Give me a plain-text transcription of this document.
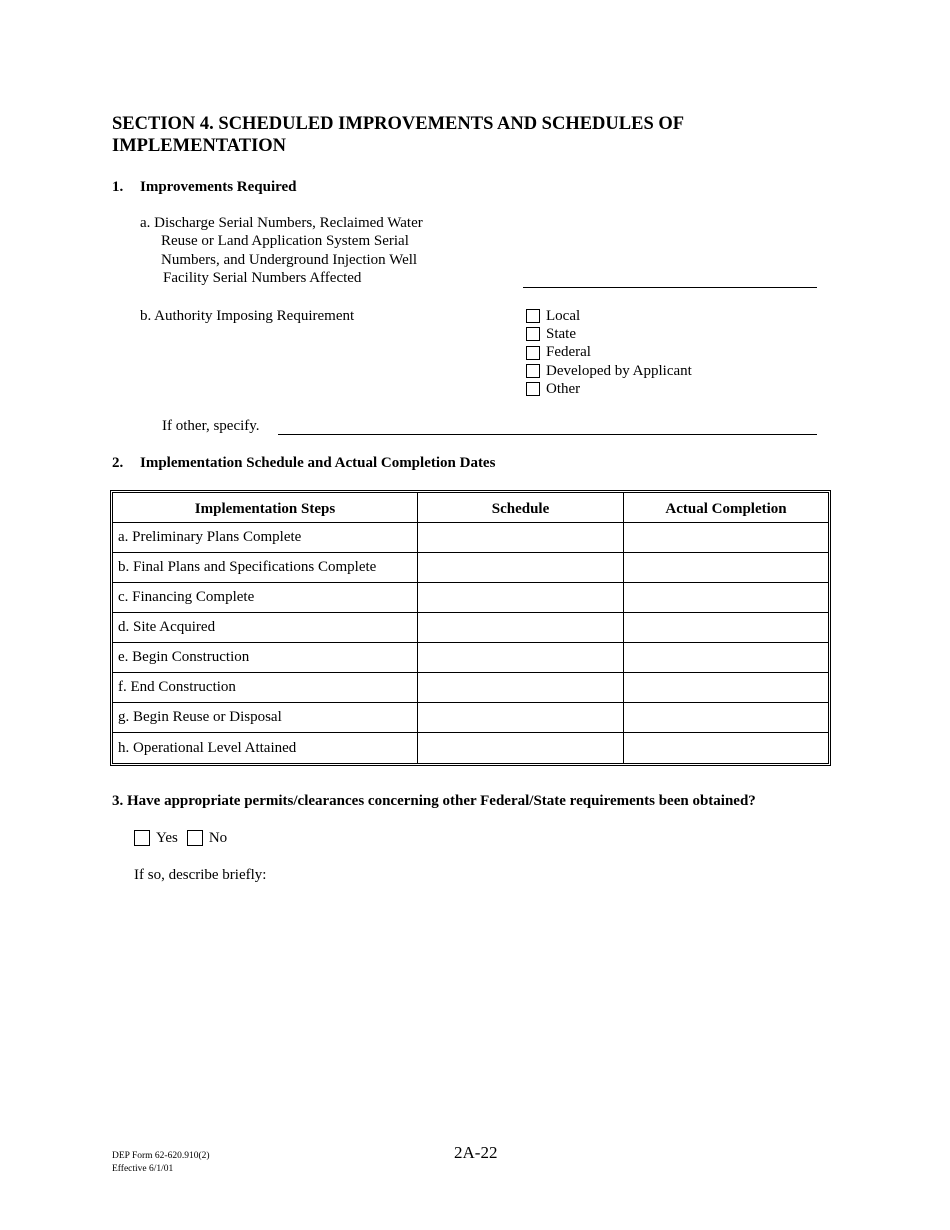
SECTION 4. SCHEDULED IMPROVEMENTS AND SCHEDULES OF
IMPLEMENTATION
1. Improvements Required
a. Discharge Serial Numbers, Reclaimed Water
Reuse or Land Application System Serial
Numbers, and Underground Injection Well
Facility Serial Numbers Affected
b. Authority Imposing Requirement	Local
State
Federal
Developed by Applicant
Other
If other, specify.
2. Implementation Schedule and Actual Completion Dates
Implementation Steps	Schedule	Actual Completion
a. Preliminary Plans Complete		
b. Final Plans and Specifications Complete		
c. Financing Complete		
d. Site Acquired		
e. Begin Construction		
f. End Construction		
g. Begin Reuse or Disposal		
h. Operational Level Attained		
3. Have appropriate permits/clearances concerning other Federal/State requirements been obtained?
Yes No
If so, describe briefly:
DEP Form 62-620.910(2)
Effective 6/1/01
2A-22
